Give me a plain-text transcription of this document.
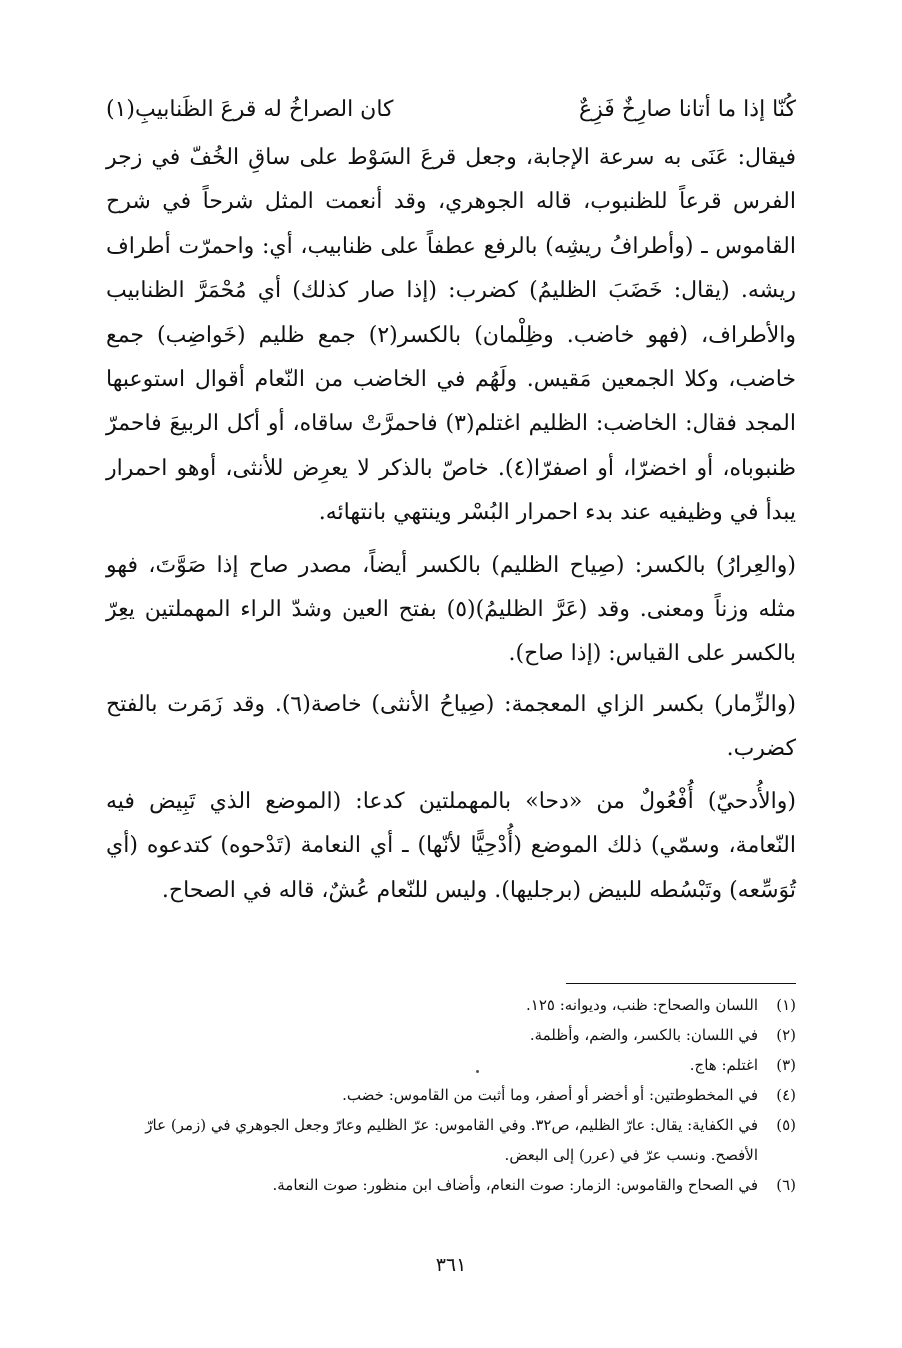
كُنّا إذا ما أتانا صارِخٌ فَزِعٌ
كان الصراخُ له قرعَ الظَنابيبِ(١)

فيقال: عَنَى به سرعة الإجابة، وجعل قرعَ السَوْط على ساقِ الخُفّ في زجر الفرس قرعاً للظنبوب، قاله الجوهري، وقد أنعمت المثل شرحاً في شرح القاموس ـ (وأطرافُ ريشِه) بالرفع عطفاً على ظنابيب، أي: واحمرّت أطراف ريشه. (يقال: خَضَبَ الظليمُ) كضرب: (إذا صار كذلك) أي مُحْمَرَّ الظنابيب والأطراف، (فهو خاضب. وظِلْمان) بالكسر(٢) جمع ظليم (خَواضِب) جمع خاضب، وكلا الجمعين مَقيس. ولَهُم في الخاضب من النّعام أقوال استوعبها المجد فقال: الخاضب: الظليم اغتلم(٣) فاحمرَّتْ ساقاه، أو أكل الربيعَ فاحمرّ ظنبوباه، أو اخضرّا، أو اصفرّا(٤). خاصّ بالذكر لا يعرِض للأنثى، أوهو احمرار يبدأ في وظيفيه عند بدء احمرار البُسْر وينتهي بانتهائه.

(والعِرارُ) بالكسر: (صِياح الظليم) بالكسر أيضاً، مصدر صاح إذا صَوَّتَ، فهو مثله وزناً ومعنى. وقد (عَرَّ الظليمُ)(٥) بفتح العين وشدّ الراء المهملتين يعِرّ بالكسر على القياس: (إذا صاح).

(والزِّمار) بكسر الزاي المعجمة: (صِياحُ الأنثى) خاصة(٦). وقد زَمَرت بالفتح كضرب.

(والأُدحيّ) أُفْعُولٌ من «دحا» بالمهملتين كدعا: (الموضع الذي تَبِيض فيه النّعامة، وسمّي) ذلك الموضع (أُدْحِيًّا لأنّها) ـ أي النعامة (تَدْحوه) كتدعوه (أي تُوَسِّعه) وتَبْسُطه للبيض (برجليها). وليس للنّعام عُشٌ، قاله في الصحاح.

(١)
اللسان والصحاح: ظنب، وديوانه: ١٢٥.
(٢)
في اللسان: بالكسر، والضم، وأظلمة.
(٣)
اغتلم: هاج.
(٤)
في المخطوطتين: أو أخضر أو أصفر، وما أثبت من القاموس: خضب.
(٥)
في الكفاية: يقال: عارّ الظليم، ص٣٢. وفي القاموس: عرّ الظليم وعارّ وجعل الجوهري في (زمر) عارّ الأفصح. ونسب عرّ في (عرر) إلى البعض.
(٦)
في الصحاح والقاموس: الزمار: صوت النعام، وأضاف ابن منظور: صوت النعامة.
٣٦١
